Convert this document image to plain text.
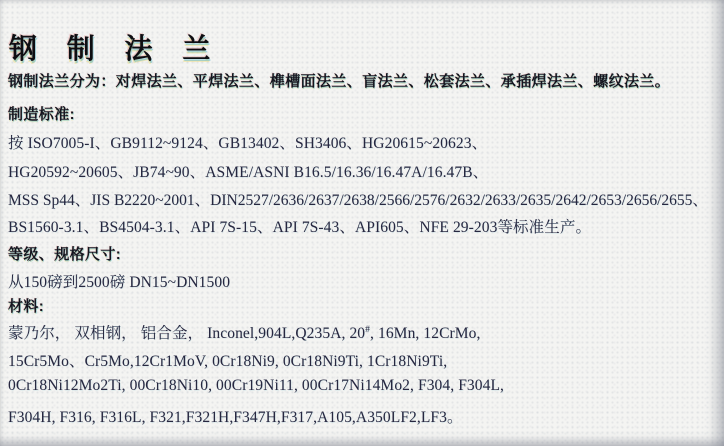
钢 制 法 兰
钢制法兰分为：对焊法兰、平焊法兰、榫槽面法兰、盲法兰、松套法兰、承插焊法兰、螺纹法兰。
制造标准:
按 ISO7005-I、GB9112~9124、GB13402、SH3406、HG20615~20623、
HG20592~20605、JB74~90、ASME/ASNI B16.5/16.36/16.47A/16.47B、
MSS Sp44、JIS B2220~2001、DIN2527/2636/2637/2638/2566/2576/2632/2633/2635/2642/2653/2656/2655、
BS1560-3.1、BS4504-3.1、API 7S-15、API 7S-43、API605、NFE 29-203等标准生产。
等级、规格尺寸:
从150磅到2500磅 DN15~DN1500
材料:
蒙乃尔， 双相钢， 铝合金， Inconel,904L,Q235A, 20#, 16Mn, 12CrMo,
15Cr5Mo、Cr5Mo,12Cr1MoV, 0Cr18Ni9, 0Cr18Ni9Ti, 1Cr18Ni9Ti,
0Cr18Ni12Mo2Ti, 00Cr18Ni10, 00Cr19Ni11, 00Cr17Ni14Mo2, F304, F304L,
F304H, F316, F316L, F321,F321H,F347H,F317,A105,A350LF2,LF3。
